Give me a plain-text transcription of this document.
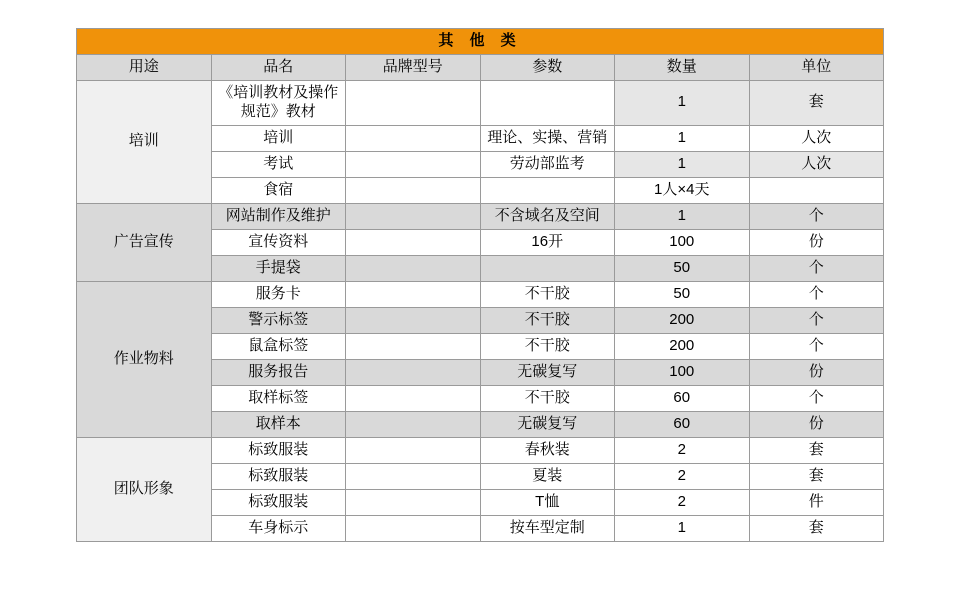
其 他 类					
用途	品名	品牌型号	参数	数量	单位
培训	《培训教材及操作规范》教材			1	套
	培训		理论、实操、营销	1	人次
	考试		劳动部监考	1	人次
	食宿			1人×4天	
广告宣传	网站制作及维护		不含域名及空间	1	个
	宣传资料		16开	100	份
	手提袋			50	个
作业物料	服务卡		不干胶	50	个
	警示标签		不干胶	200	个
	鼠盒标签		不干胶	200	个
	服务报告		无碳复写	100	份
	取样标签		不干胶	60	个
	取样本		无碳复写	60	份
团队形象	标致服装		春秋装	2	套
	标致服装		夏装	2	套
	标致服装		T恤	2	件
	车身标示		按车型定制	1	套
